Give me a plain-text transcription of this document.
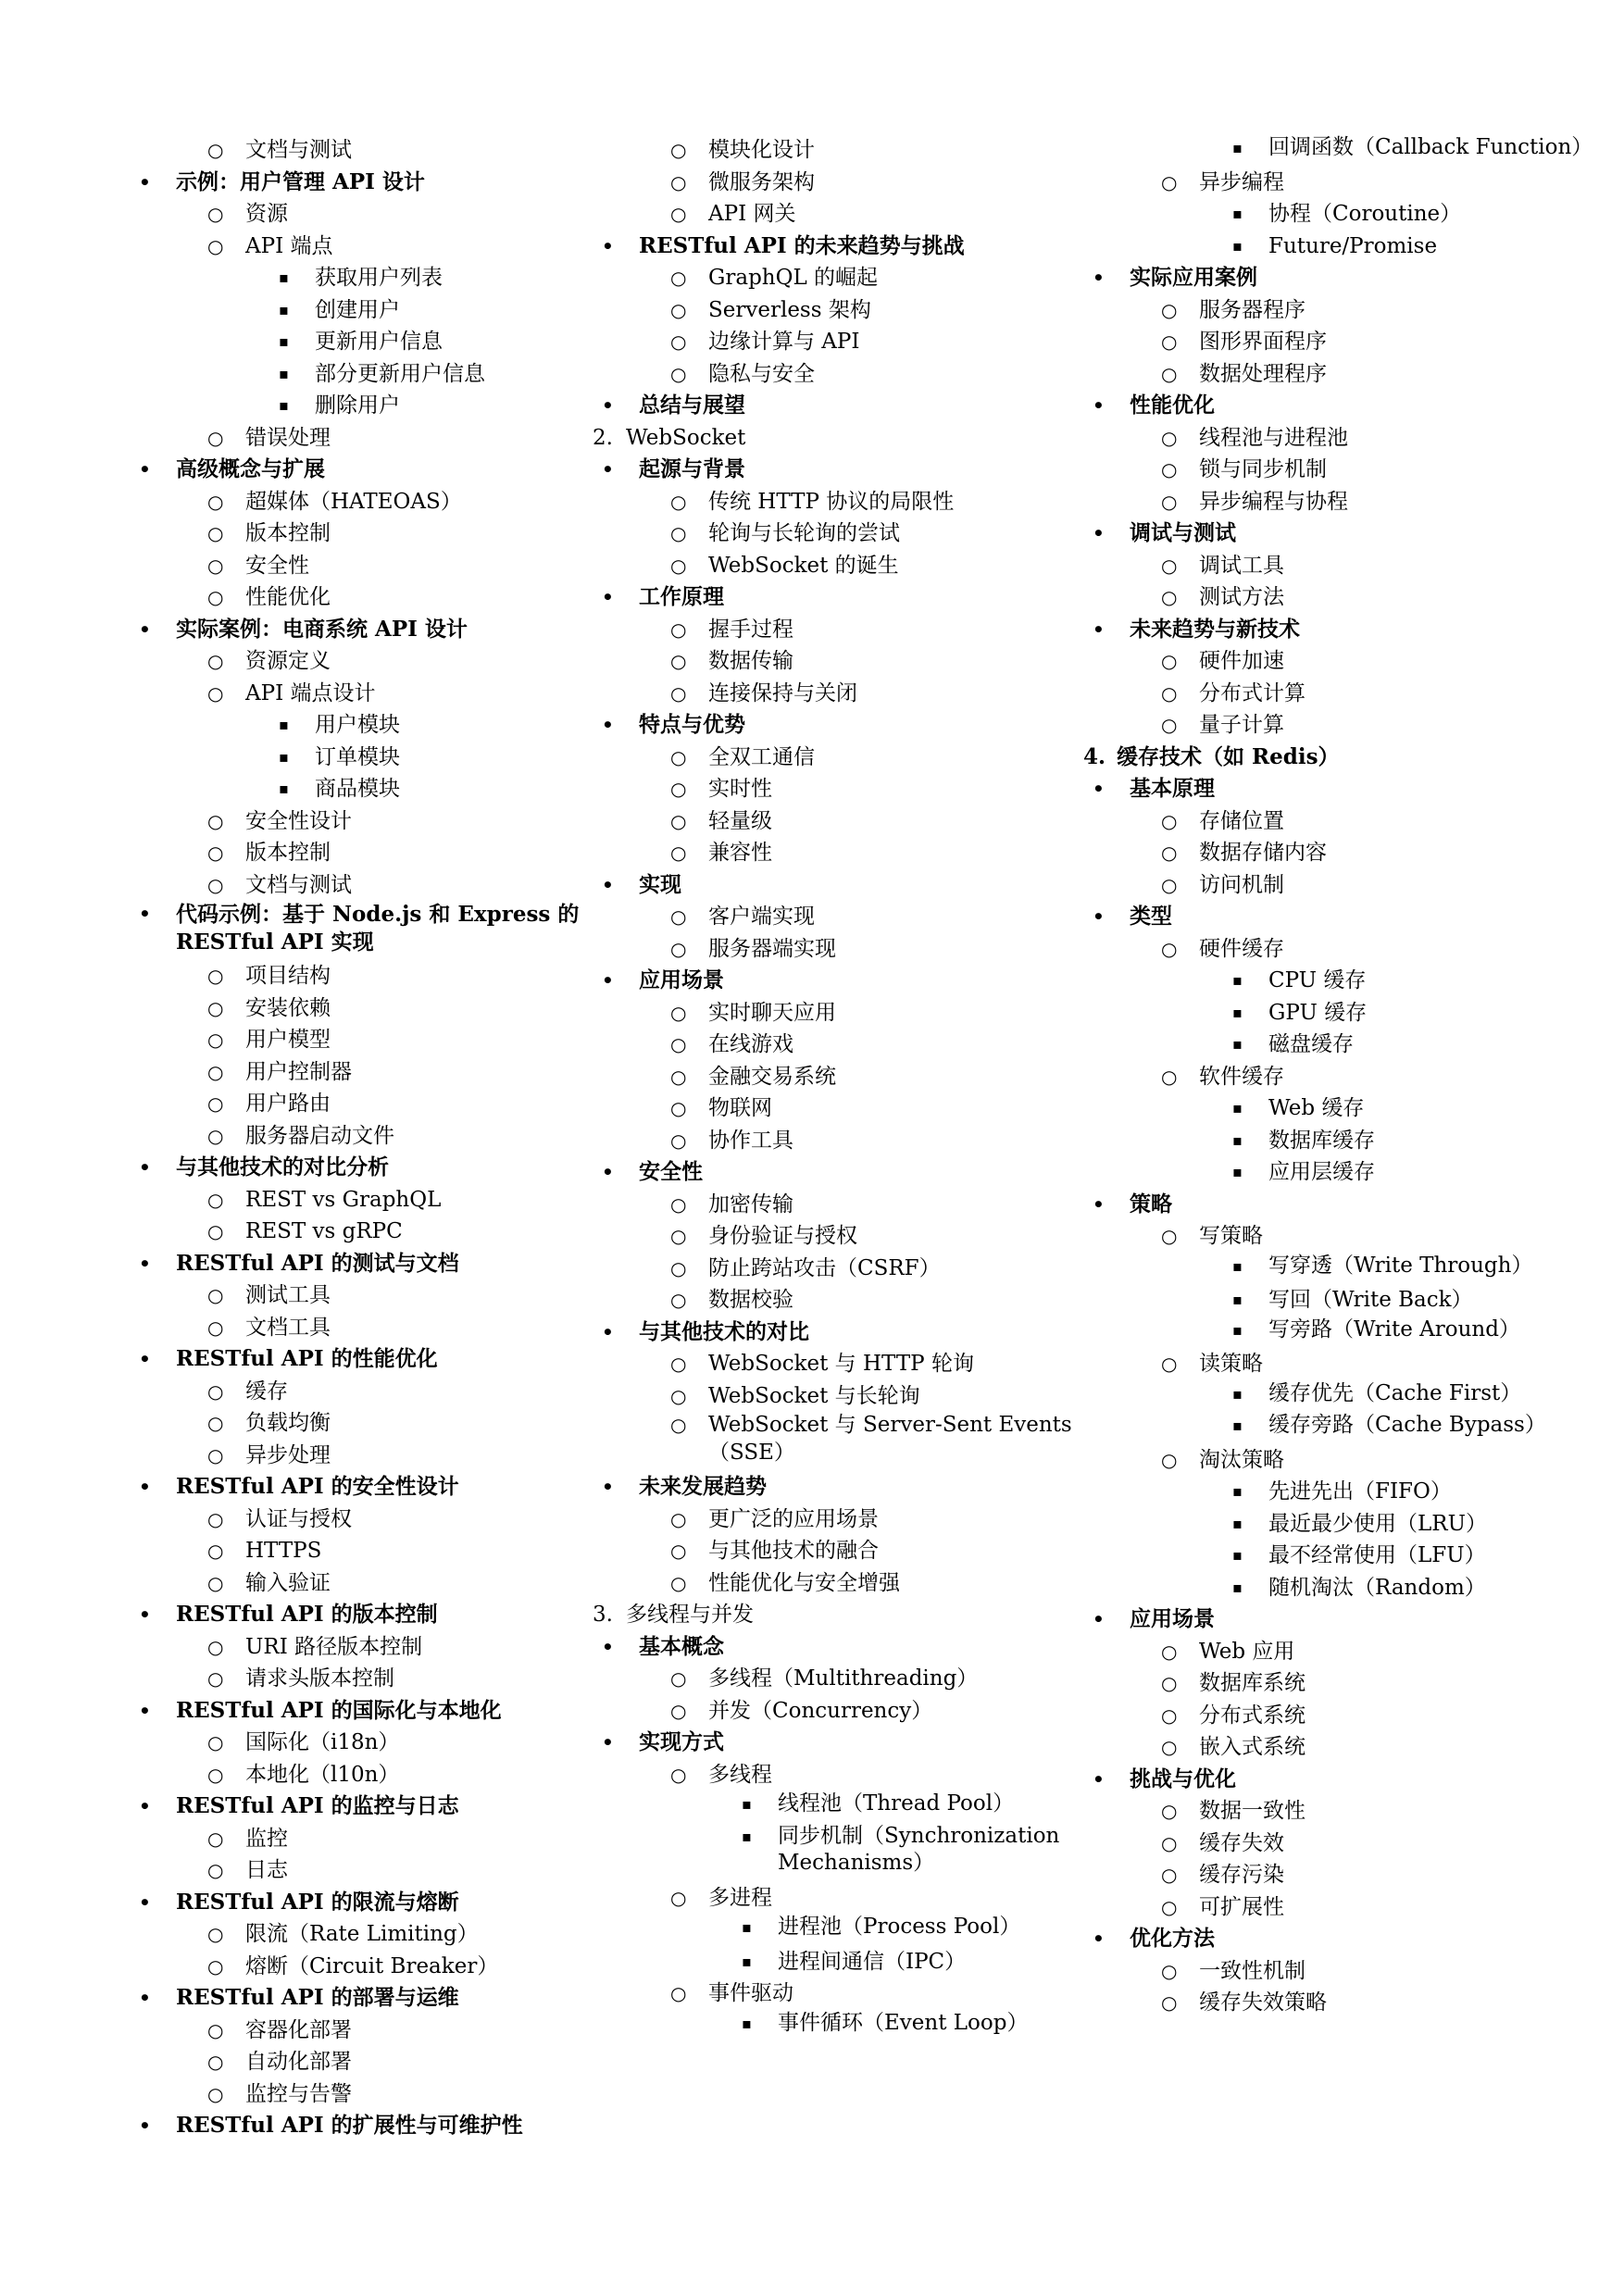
○ 文档与测试
• 示例：用户管理 API 设计
○ 资源
○ API 端点
▪ 获取用户列表
▪ 创建用户
▪ 更新用户信息
▪ 部分更新用户信息
▪ 删除用户
○ 错误处理
• 高级概念与扩展
○ 超媒体（HATEOAS）
○ 版本控制
○ 安全性
○ 性能优化
• 实际案例：电商系统 API 设计
○ 资源定义
○ API 端点设计
▪ 用户模块
▪ 订单模块
▪ 商品模块
○ 安全性设计
○ 版本控制
○ 文档与测试
• 代码示例：基于 Node.js 和 Express 的 RESTful API 实现
○ 项目结构
○ 安装依赖
○ 用户模型
○ 用户控制器
○ 用户路由
○ 服务器启动文件
• 与其他技术的对比分析
○ REST vs GraphQL
○ REST vs gRPC
• RESTful API 的测试与文档
○ 测试工具
○ 文档工具
• RESTful API 的性能优化
○ 缓存
○ 负载均衡
○ 异步处理
• RESTful API 的安全性设计
○ 认证与授权
○ HTTPS
○ 输入验证
• RESTful API 的版本控制
○ URI 路径版本控制
○ 请求头版本控制
• RESTful API 的国际化与本地化
○ 国际化（i18n）
○ 本地化（l10n）
• RESTful API 的监控与日志
○ 监控
○ 日志
• RESTful API 的限流与熔断
○ 限流（Rate Limiting）
○ 熔断（Circuit Breaker）
• RESTful API 的部署与运维
○ 容器化部署
○ 自动化部署
○ 监控与告警
• RESTful API 的扩展性与可维护性
○ 模块化设计
○ 微服务架构
○ API 网关
• RESTful API 的未来趋势与挑战
○ GraphQL 的崛起
○ Serverless 架构
○ 边缘计算与 API
○ 隐私与安全
• 总结与展望
2. WebSocket
• 起源与背景
○ 传统 HTTP 协议的局限性
○ 轮询与长轮询的尝试
○ WebSocket 的诞生
• 工作原理
○ 握手过程
○ 数据传输
○ 连接保持与关闭
• 特点与优势
○ 全双工通信
○ 实时性
○ 轻量级
○ 兼容性
• 实现
○ 客户端实现
○ 服务器端实现
• 应用场景
○ 实时聊天应用
○ 在线游戏
○ 金融交易系统
○ 物联网
○ 协作工具
• 安全性
○ 加密传输
○ 身份验证与授权
○ 防止跨站攻击（CSRF）
○ 数据校验
• 与其他技术的对比
○ WebSocket 与 HTTP 轮询
○ WebSocket 与长轮询
○ WebSocket 与 Server-Sent Events（SSE）
• 未来发展趋势
○ 更广泛的应用场景
○ 与其他技术的融合
○ 性能优化与安全增强
3. 多线程与并发
• 基本概念
○ 多线程（Multithreading）
○ 并发（Concurrency）
• 实现方式
○ 多线程
▪ 线程池（Thread Pool）
▪ 同步机制（Synchronization Mechanisms）
○ 多进程
▪ 进程池（Process Pool）
▪ 进程间通信（IPC）
○ 事件驱动
▪ 事件循环（Event Loop）
▪ 回调函数（Callback Function）
○ 异步编程
▪ 协程（Coroutine）
▪ Future/Promise
• 实际应用案例
○ 服务器程序
○ 图形界面程序
○ 数据处理程序
• 性能优化
○ 线程池与进程池
○ 锁与同步机制
○ 异步编程与协程
• 调试与测试
○ 调试工具
○ 测试方法
• 未来趋势与新技术
○ 硬件加速
○ 分布式计算
○ 量子计算
4. 缓存技术（如 Redis）
• 基本原理
○ 存储位置
○ 数据存储内容
○ 访问机制
• 类型
○ 硬件缓存
▪ CPU 缓存
▪ GPU 缓存
▪ 磁盘缓存
○ 软件缓存
▪ Web 缓存
▪ 数据库缓存
▪ 应用层缓存
• 策略
○ 写策略
▪ 写穿透（Write Through）
▪ 写回（Write Back）
▪ 写旁路（Write Around）
○ 读策略
▪ 缓存优先（Cache First）
▪ 缓存旁路（Cache Bypass）
○ 淘汰策略
▪ 先进先出（FIFO）
▪ 最近最少使用（LRU）
▪ 最不经常使用（LFU）
▪ 随机淘汰（Random）
• 应用场景
○ Web 应用
○ 数据库系统
○ 分布式系统
○ 嵌入式系统
• 挑战与优化
○ 数据一致性
○ 缓存失效
○ 缓存污染
○ 可扩展性
• 优化方法
○ 一致性机制
○ 缓存失效策略
